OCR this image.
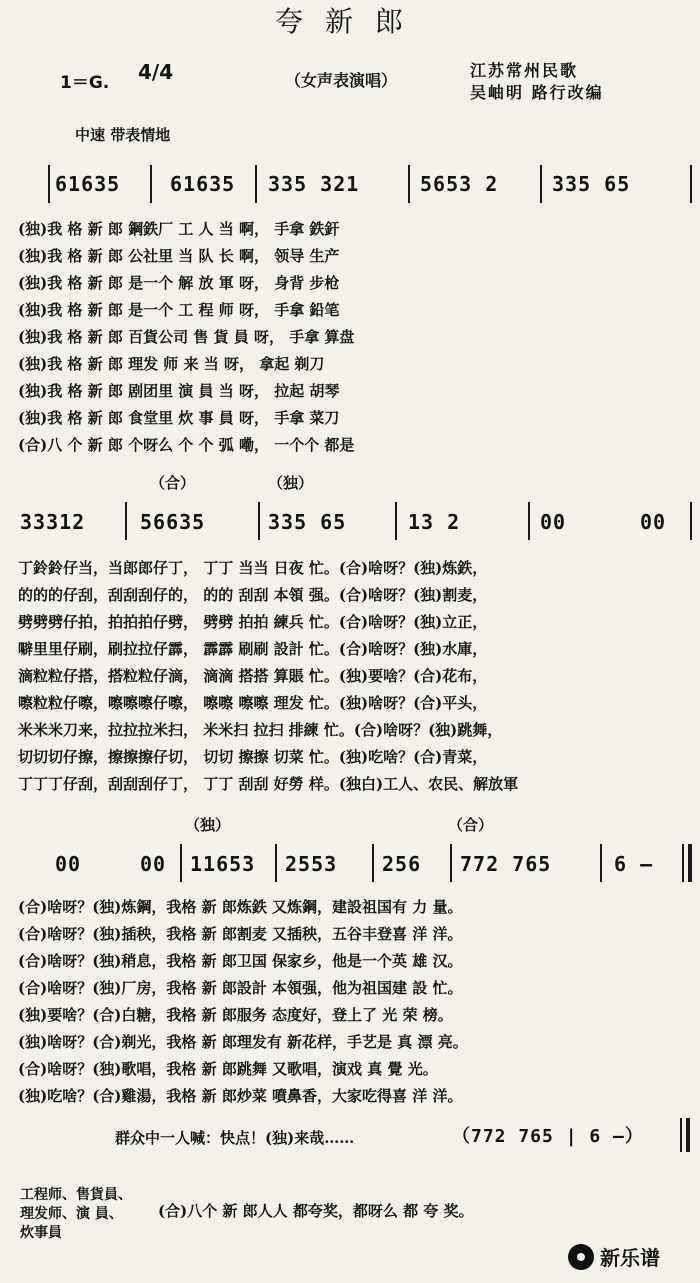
夸新郎
1＝G. 4/4	（女声表演唱）
江苏常州民歌
吴岫明 路行改编
中速 带表情地
61635 61635 335 321	5653 2	335 65
(独)我 格 新 郎 鋼鉄厂 工 人 当 啊， 手拿 鉄釬
(独)我 格 新 郎 公社里 当 队 长 啊， 领导 生产
(独)我 格 新 郎 是一个 解 放 軍 呀， 身背 步枪
(独)我 格 新 郎 是一个 工 程 师 呀， 手拿 鉛笔
(独)我 格 新 郎 百貨公司 售 貨 員 呀， 手拿 算盘
(独)我 格 新 郎 理发 师 来 当 呀， 拿起 剃刀
(独)我 格 新 郎 剧团里 演 員 当 呀， 拉起 胡琴
(独)我 格 新 郎 食堂里 炊 事 員 呀， 手拿 菜刀
(合)八 个 新 郎 个呀么 个 个 弧 嘞， 一个个 都是
（合）	（独）
33312	56635	335 65	13 2	00	00
丁鈴鈴仔当，当郎郎仔丁， 丁丁 当当 日夜 忙。(合)啥呀？(独)炼鉄，
的的的仔刮，刮刮刮仔的， 的的 刮刮 本領 强。(合)啥呀？(独)割麦，
劈劈劈仔拍，拍拍拍仔劈， 劈劈 拍拍 練兵 忙。(合)啥呀？(独)立正，
噼里里仔刷，刷拉拉仔霹， 霹霹 刷刷 設計 忙。(合)啥呀？(独)水庫，
滴粒粒仔搭，搭粒粒仔滴， 滴滴 搭搭 算賬 忙。(独)要啥？(合)花布，
嚓粒粒仔嚓，嚓嚓嚓仔嚓， 嚓嚓 嚓嚓 理发 忙。(独)啥呀？(合)平头，
米米米刀来，拉拉拉米扫， 米米扫 拉扫 排練 忙。(合)啥呀？(独)跳舞，
切切切仔擦，擦擦擦仔切， 切切 擦擦 切菜 忙。(独)吃啥？(合)青菜，
丁丁丁仔刮，刮刮刮仔丁， 丁丁 刮刮 好勞 样。(独白)工人、农民、解放軍
（独）	（合）
00	00 11653 2553 256 772 765	6 —
(合)啥呀？(独)炼鋼，我格 新 郎炼鉄 又炼鋼，建設祖国有 力 量。
(合)啥呀？(独)插秧，我格 新 郎割麦 又插秧，五谷丰登喜 洋 洋。
(合)啥呀？(独)稍息，我格 新 郎卫国 保家乡，他是一个英 雄 汉。
(合)啥呀？(独)厂房，我格 新 郎設計 本領强，他为祖国建 設 忙。
(独)要啥？(合)白糖，我格 新 郎服务 态度好，登上了 光 荣 榜。
(独)啥呀？(合)剃光，我格 新 郎理发有 新花样，手艺是 真 漂 亮。
(合)啥呀？(独)歌唱，我格 新 郎跳舞 又歌唱，演戏 真 覺 光。
(独)吃啥？(合)雞湯，我格 新 郎炒菜 噴鼻香，大家吃得喜 洋 洋。
群众中一人喊：快点！(独)来哉……	（772 765 | 6 —）
工程师、售貨員、
理发师、演 員、
炊事員
(合)八个 新 郎人人 都夸奖，都呀么 都 夸 奖。
新乐谱
